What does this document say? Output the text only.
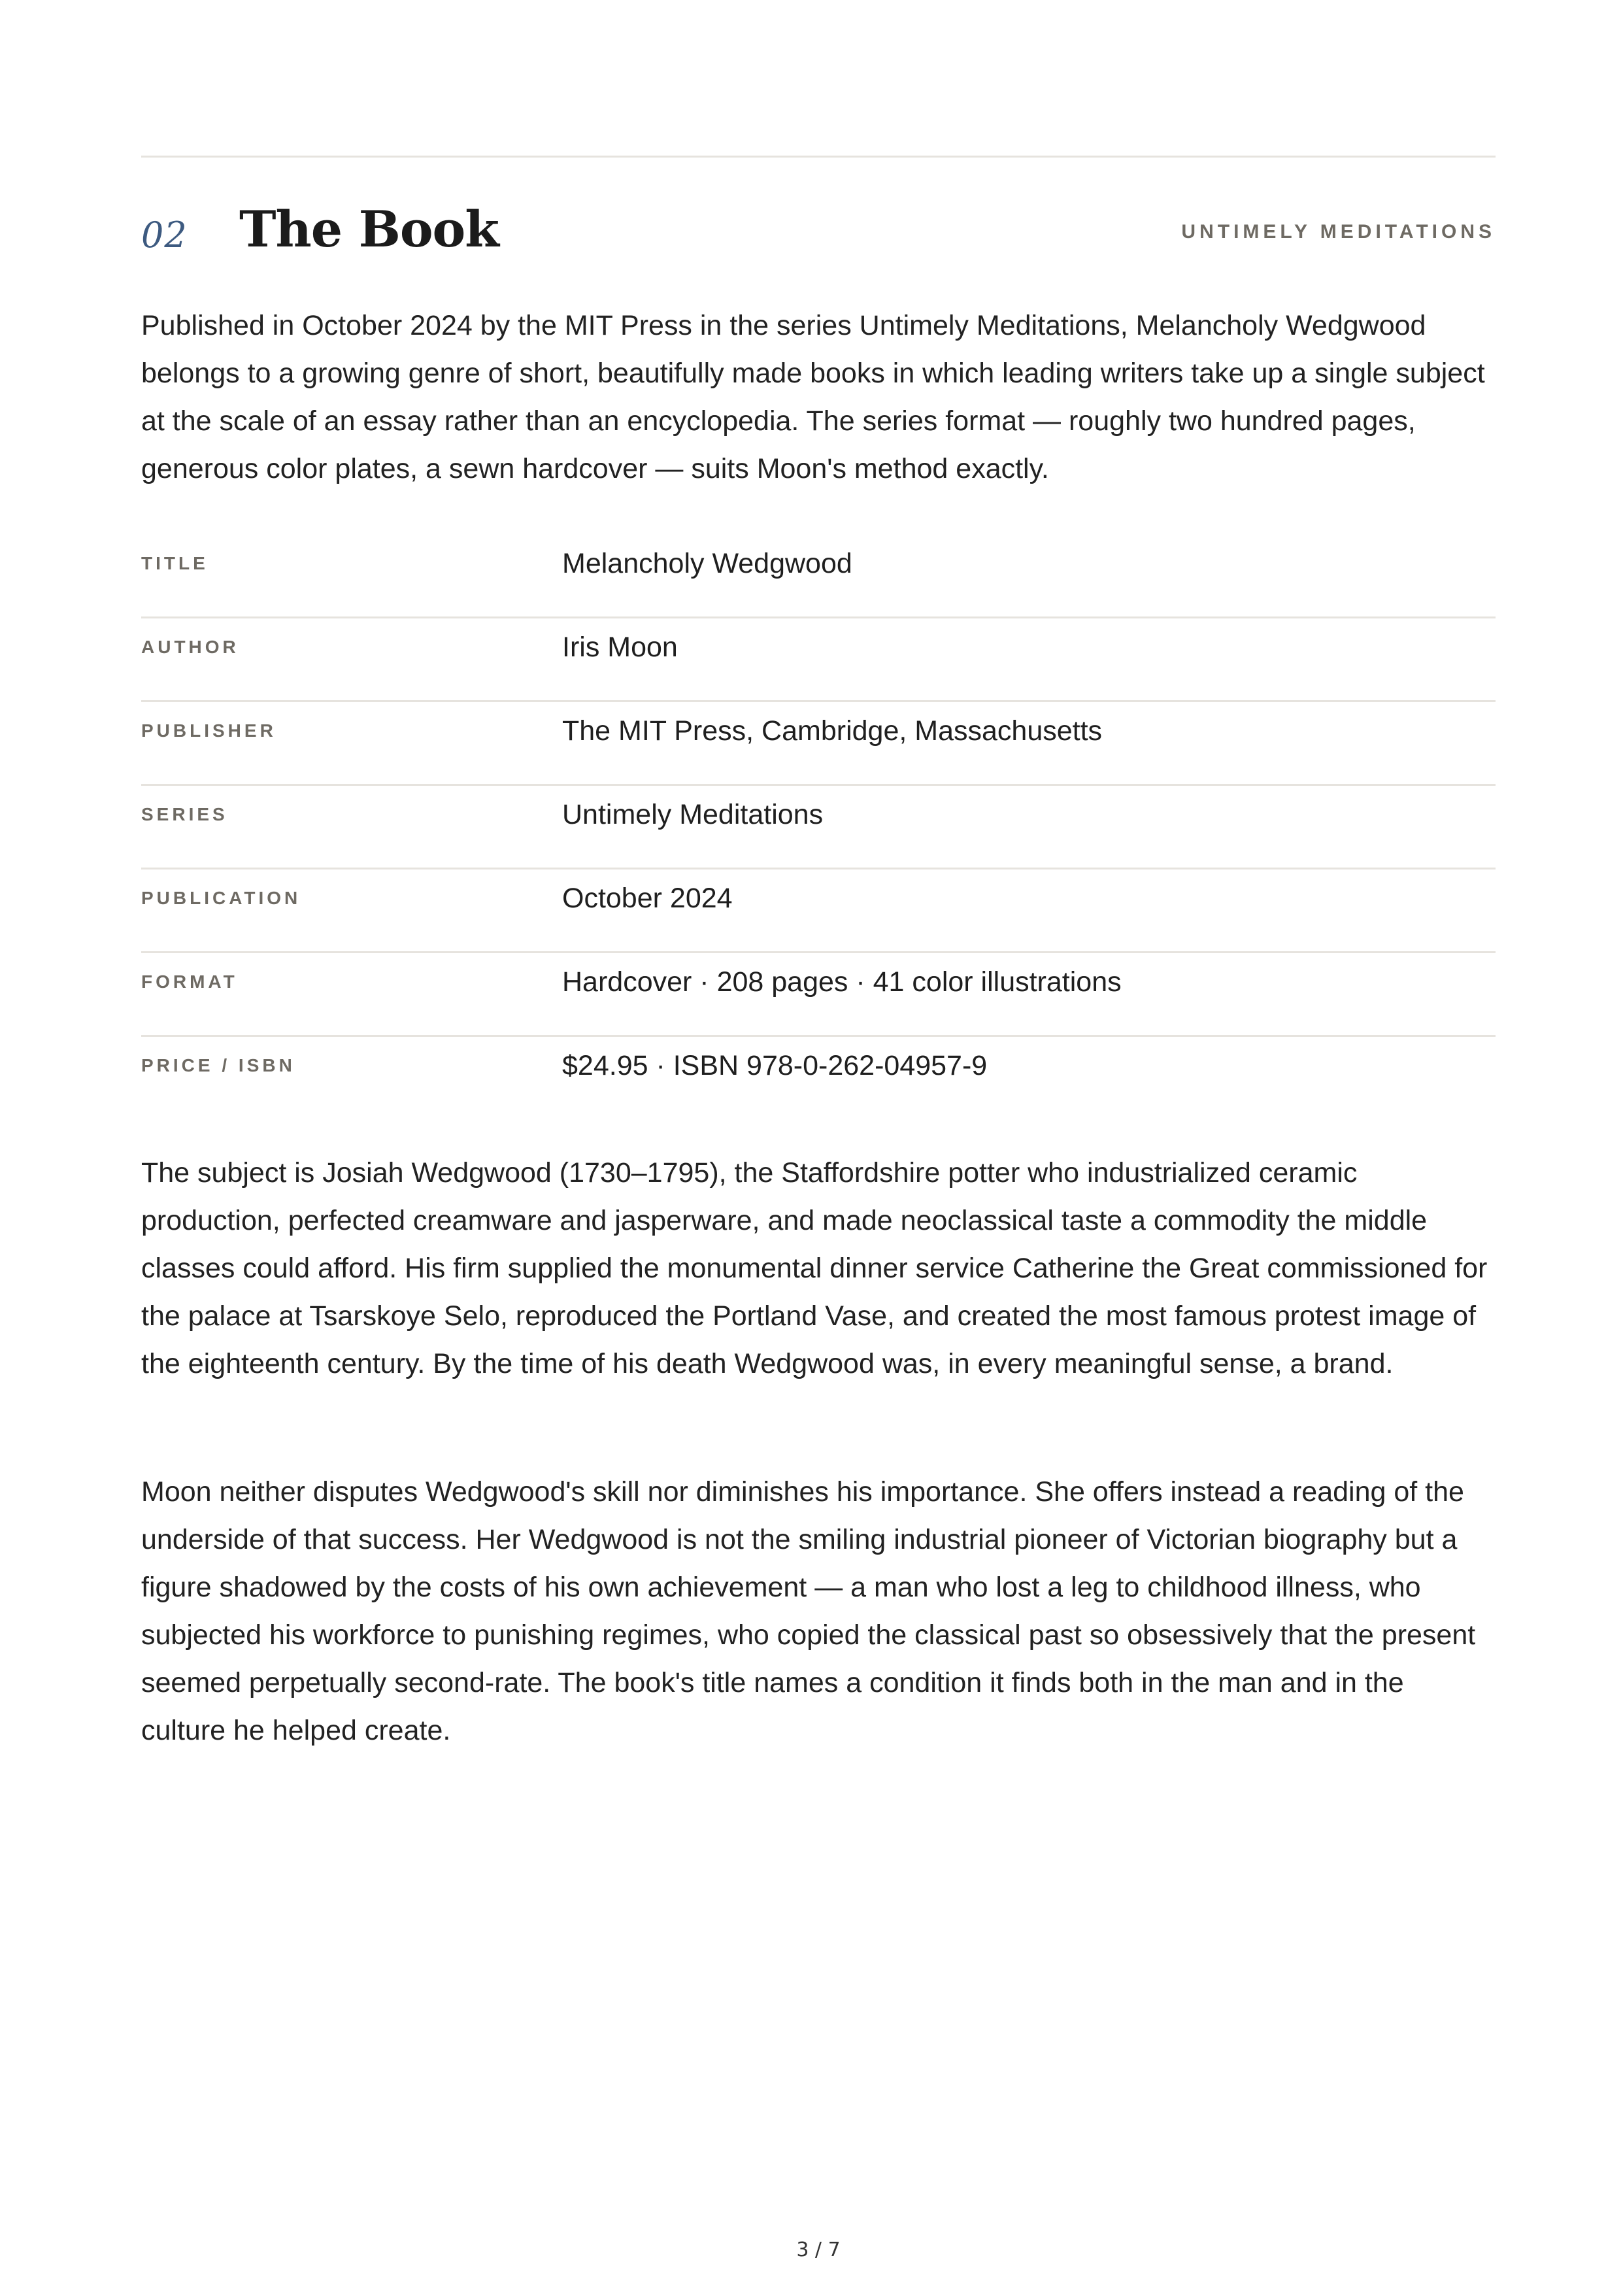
02 The Book	UNTIMELY MEDITATIONS

Published in October 2024 by the MIT Press in the series Untimely Meditations, Melancholy Wedgwood belongs to a growing genre of short, beautifully made books in which leading writers take up a single subject at the scale of an essay rather than an encyclopedia. The series format — roughly two hundred pages, generous color plates, a sewn hardcover — suits Moon's method exactly.

TITLE	Melancholy Wedgwood
AUTHOR	Iris Moon
PUBLISHER	The MIT Press, Cambridge, Massachusetts
SERIES	Untimely Meditations
PUBLICATION	October 2024
FORMAT	Hardcover · 208 pages · 41 color illustrations
PRICE / ISBN	$24.95 · ISBN 978-0-262-04957-9

The subject is Josiah Wedgwood (1730–1795), the Staffordshire potter who industrialized ceramic production, perfected creamware and jasperware, and made neoclassical taste a commodity the middle classes could afford. His firm supplied the monumental dinner service Catherine the Great commissioned for the palace at Tsarskoye Selo, reproduced the Portland Vase, and created the most famous protest image of the eighteenth century. By the time of his death Wedgwood was, in every meaningful sense, a brand.

Moon neither disputes Wedgwood's skill nor diminishes his importance. She offers instead a reading of the underside of that success. Her Wedgwood is not the smiling industrial pioneer of Victorian biography but a figure shadowed by the costs of his own achievement — a man who lost a leg to childhood illness, who subjected his workforce to punishing regimes, who copied the classical past so obsessively that the present seemed perpetually second-rate. The book's title names a condition it finds both in the man and in the culture he helped create.

3 / 7
